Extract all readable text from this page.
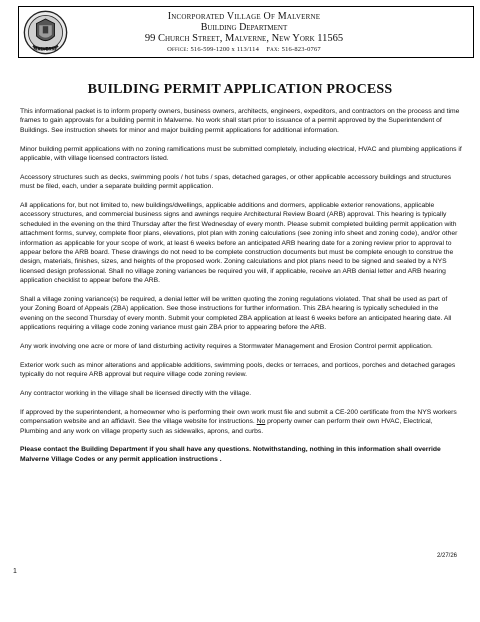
MALVERNE
Incorporated Village Of Malverne
Building Department
99 Church Street, Malverne, New York 11565
Office: 516-599-1200 x 113/114 Fax: 516-823-0767
BUILDING PERMIT APPLICATION PROCESS

This informational packet is to inform property owners, business owners, architects, engineers, expeditors, and contractors on the process and time frames to gain approvals for a building permit in Malverne. No work shall start prior to issuance of a permit approved by the Superintendent of Buildings. See instruction sheets for minor and major building permit applications for additional information.

Minor building permit applications with no zoning ramifications must be submitted completely, including electrical, HVAC and plumbing applications if applicable, with village licensed contractors listed.

Accessory structures such as decks, swimming pools / hot tubs / spas, detached garages, or other applicable accessory buildings and structures must be filed, each, under a separate building permit application.

All applications for, but not limited to, new buildings/dwellings, applicable additions and dormers, applicable exterior renovations, applicable accessory structures, and commercial business signs and awnings require Architectural Review Board (ARB) approval. This hearing is typically scheduled in the evening on the third Thursday after the first Wednesday of every month. Please submit completed building permit application with attachment forms, survey, complete floor plans, elevations, plot plan with zoning calculations (see zoning info sheet and zoning code), and/or other information as applicable for your scope of work, at least 6 weeks before an anticipated ARB hearing date for a zoning review prior to approval to appear before the ARB board. These drawings do not need to be complete construction documents but must be complete enough to construe the design, materials, finishes, sizes, and heights of the proposed work. Zoning calculations and plot plans need to be signed and sealed by a NYS licensed design professional. Shall no village zoning variances be required you will, if applicable, receive an ARB denial letter and ARB hearing application checklist to appear before the ARB.

Shall a village zoning variance(s) be required, a denial letter will be written quoting the zoning regulations violated. That shall be used as part of your Zoning Board of Appeals (ZBA) application. See those instructions for further information. This ZBA hearing is typically scheduled in the evening on the second Thursday of every month. Submit your completed ZBA application at least 6 weeks before an anticipated hearing date. All applications requiring a village code zoning variance must gain ZBA prior to appearing before the ARB.

Any work involving one acre or more of land disturbing activity requires a Stormwater Management and Erosion Control permit application.

Exterior work such as minor alterations and applicable additions, swimming pools, decks or terraces, and porticos, porches and detached garages typically do not require ARB approval but require village code zoning review.

Any contractor working in the village shall be licensed directly with the village.

If approved by the superintendent, a homeowner who is performing their own work must file and submit a CE-200 certificate from the NYS workers compensation website and an affidavit. See the village website for instructions. No property owner can perform their own HVAC, Electrical, Plumbing and any work on village property such as sidewalks, aprons, and curbs.

Please contact the Building Department if you shall have any questions. Notwithstanding, nothing in this information shall override Malverne Village Codes or any permit application instructions .

2/27/26
1
